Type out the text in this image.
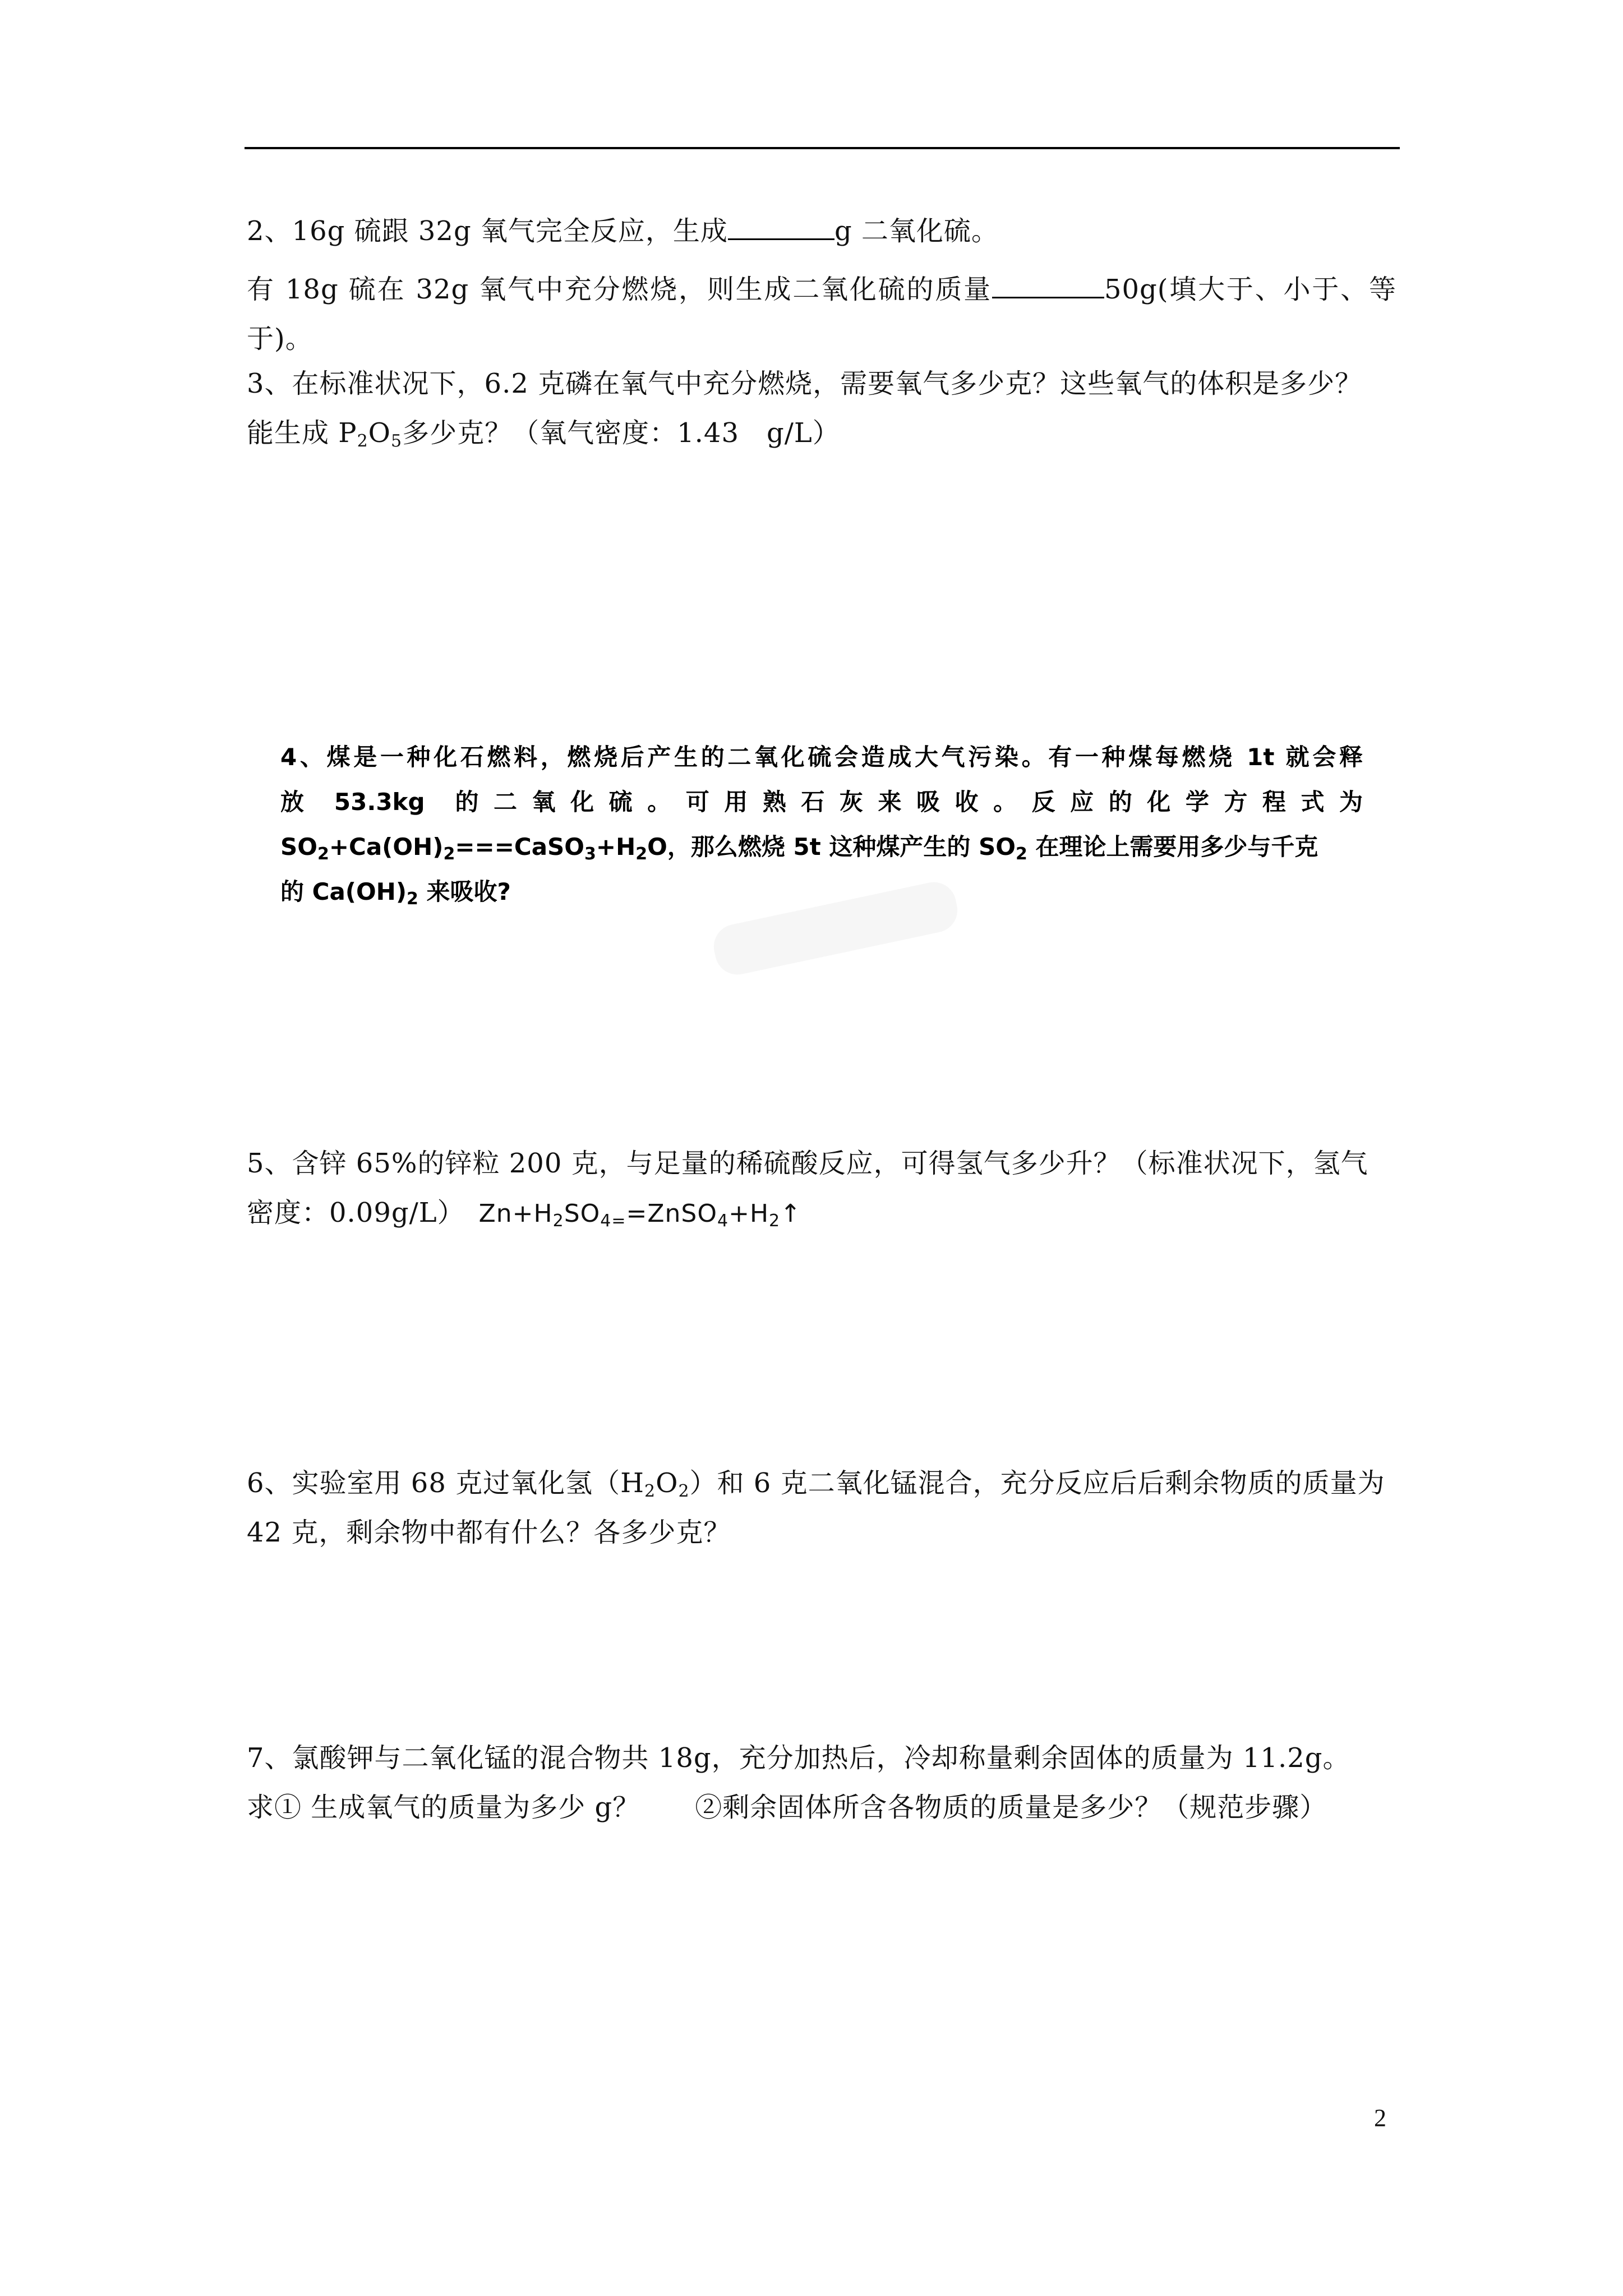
2、16g 硫跟 32g 氧气完全反应，生成	g 二氧化硫。

有 18g 硫在 32g 氧气中充分燃烧，则生成二氧化硫的质量	50g(填大于、小于、等

于)。

3、在标准状况下，6.2 克磷在氧气中充分燃烧，需要氧气多少克？这些氧气的体积是多少？

能生成 $P_2O_5$多少克？（氧气密度：1.43　g/L）

4、煤是一种化石燃料，燃烧后产生的二氧化硫会造成大气污染。有一种煤每燃烧 1t 就会释
放　53.3kg　的 二 氧 化 硫 。 可 用 熟 石 灰 来 吸 收 。 反 应 的 化 学 方 程 式 为
$SO_2+Ca(OH)_2===CaSO_3+H_2O$，那么燃烧 5t 这种煤产生的 $SO_2$ 在理论上需要用多少与千克
的 $Ca(OH)_2$ 来吸收?

5、含锌 65%的锌粒 200 克，与足量的稀硫酸反应，可得氢气多少升？（标准状况下，氢气

密度：0.09g/L）　$Zn+H_2SO_{4=}=ZnSO_4+H_2↑$

6、实验室用 68 克过氧化氢$(H_2O_2)$和 6 克二氧化锰混合，充分反应后后剩余物质的质量为

42 克，剩余物中都有什么？各多少克？

7、氯酸钾与二氧化锰的混合物共 18g，充分加热后，冷却称量剩余固体的质量为 11.2g。

求① 生成氧气的质量为多少 g？　　②剩余固体所含各物质的质量是多少？（规范步骤）

2
